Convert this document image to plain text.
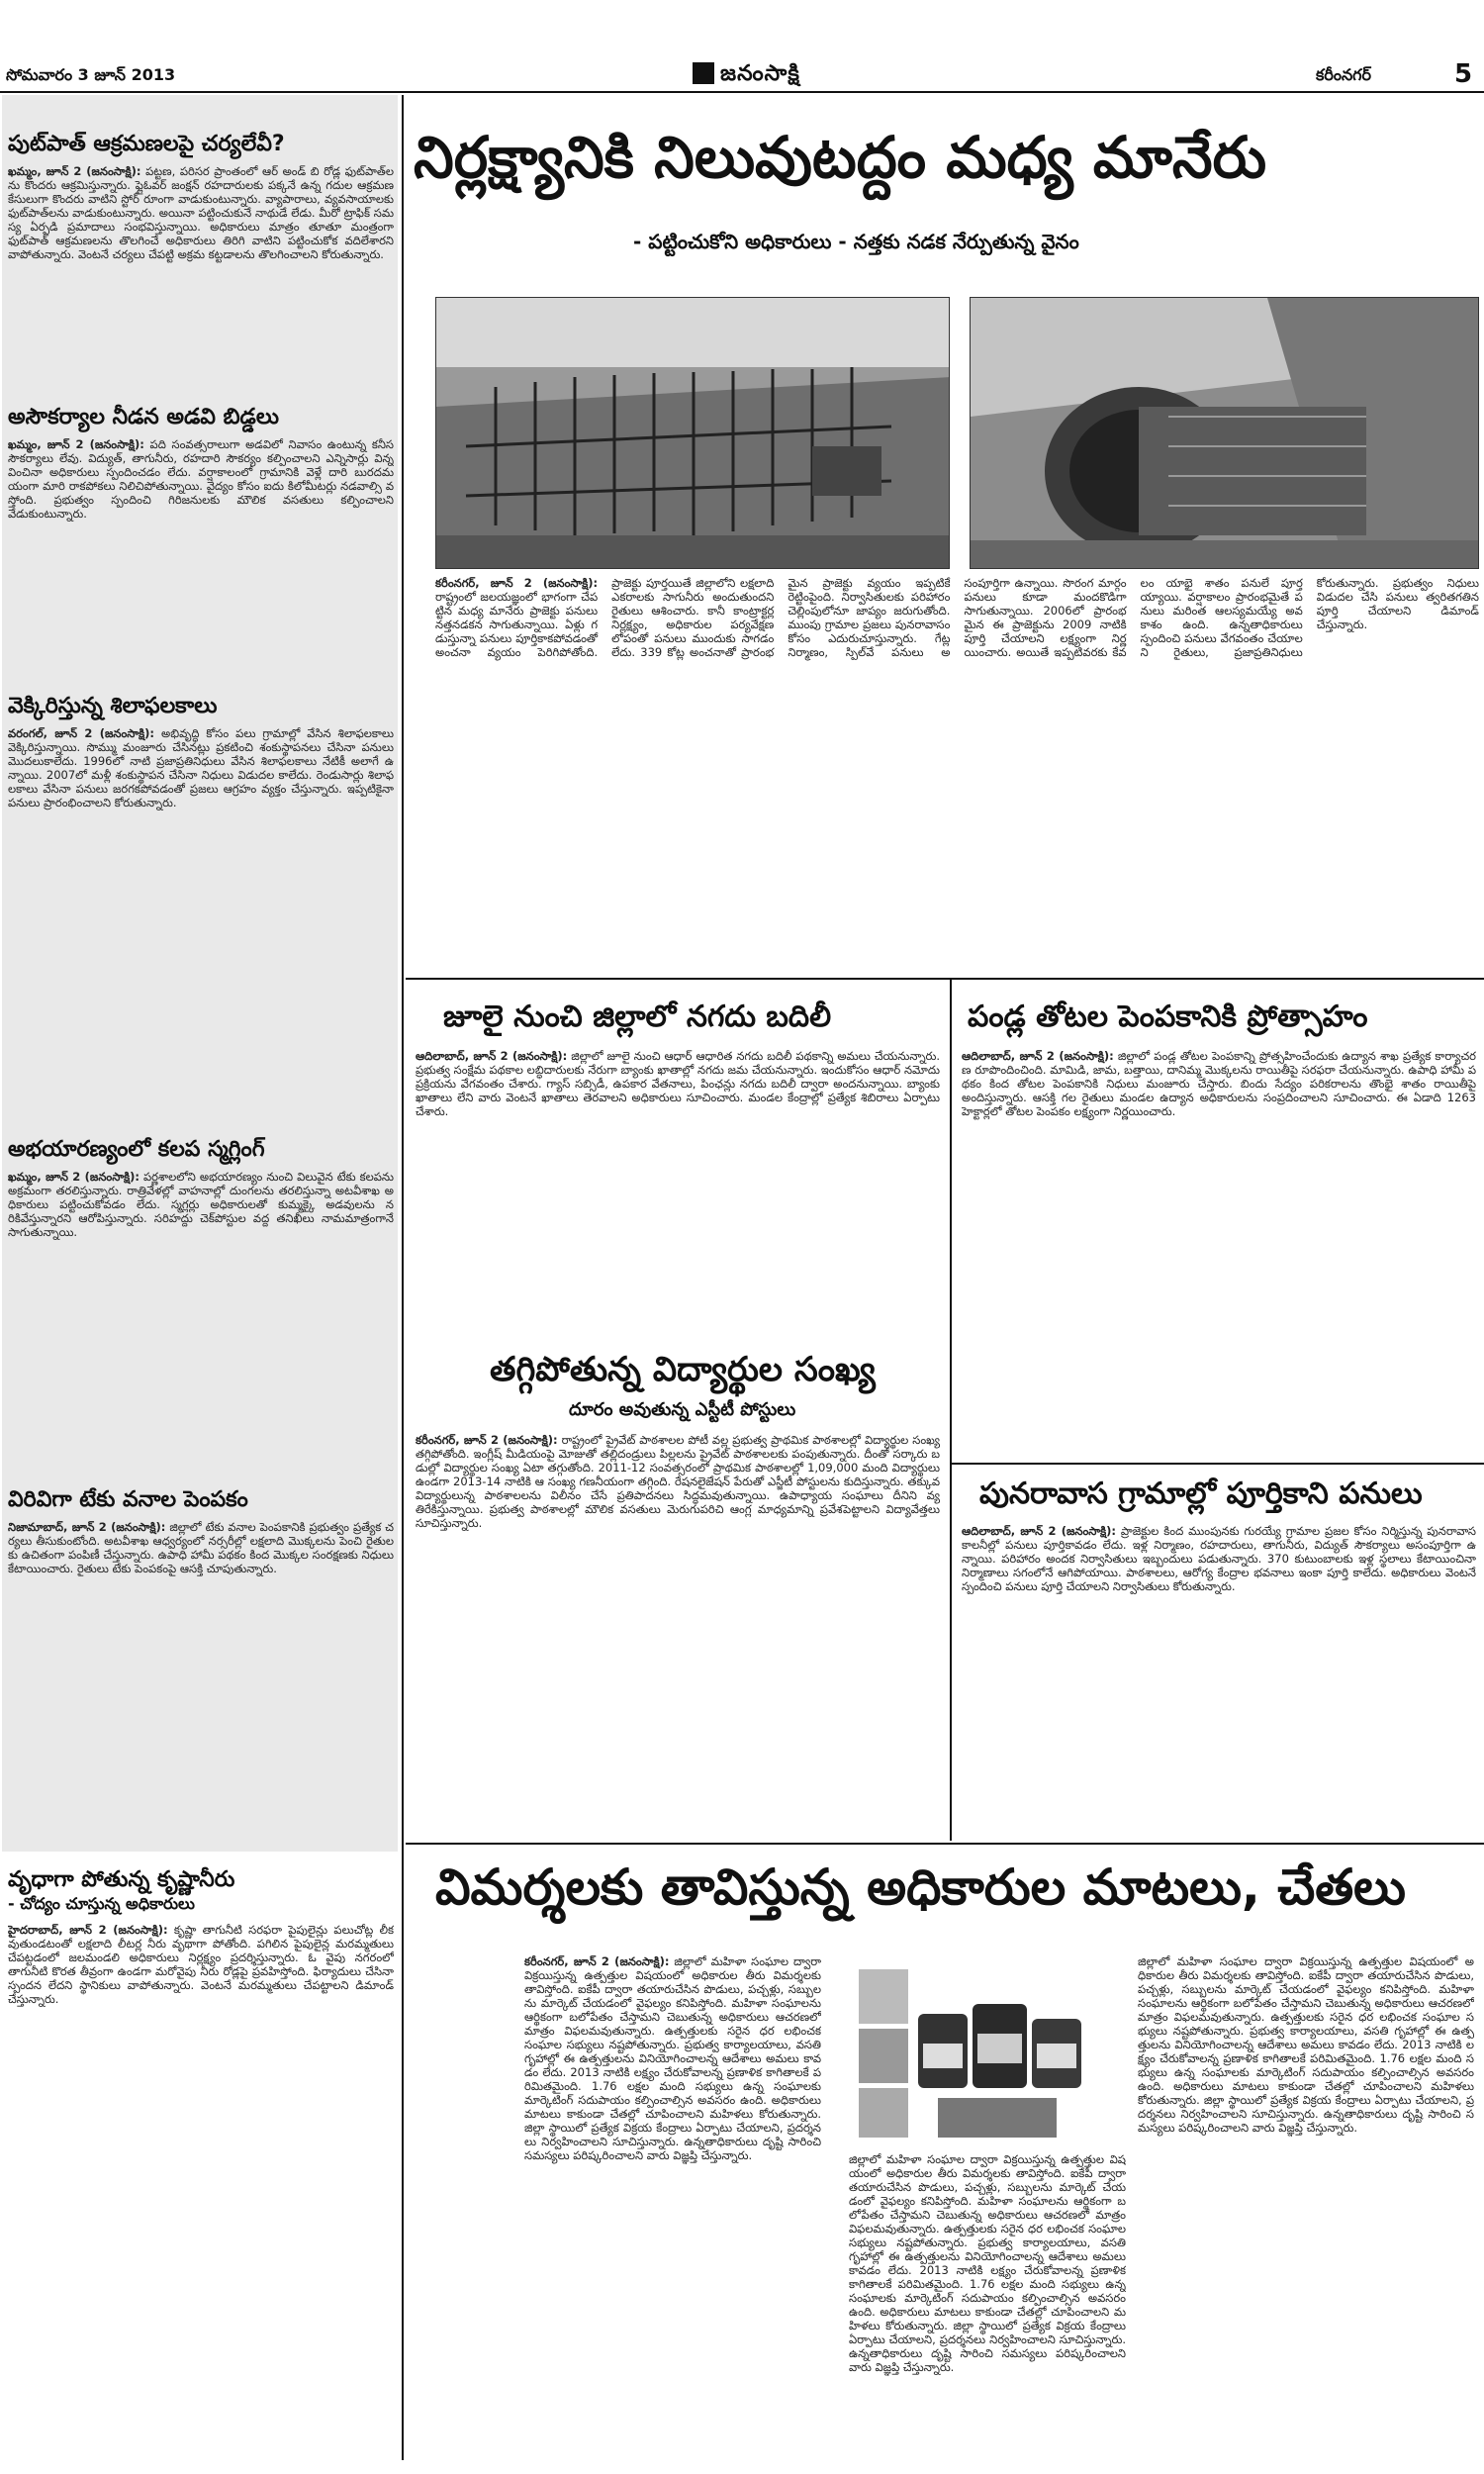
సోమవారం 3 జూన్ 2013	జనంసాక్షి	కరీంనగర్	5
పుట్‌పాత్ ఆక్రమణలపై చర్యలేవీ?
ఖమ్మం, జూన్ 2 (జనంసాక్షి): పట్టణ, పరిసర ప్రాంతంలో ఆర్ అండ్ బి రోడ్ల ఫుట్‌పాత్‌లను కొందరు ఆక్రమిస్తున్నారు. ఫ్లైఓవర్ జంక్షన్ రహదారులకు పక్కనే ఉన్న గదుల ఆక్రమణ కేసులుగా కొందరు వాటిని స్టోర్ రూంగా వాడుకుంటున్నారు. వ్యాపారాలు, వ్యవసాయాలకు ఫుట్‌పాత్‌లను వాడుకుంటున్నారు. అయినా పట్టించుకునే నాథుడే లేడు. మీరో ట్రాఫిక్ సమస్య ఏర్పడి ప్రమాదాలు సంభవిస్తున్నాయి. అధికారులు మాత్రం తూతూ మంత్రంగా ఫుట్‌పాత్ ఆక్రమణలను తొలగించే అధికారులు తిరిగి వాటిని పట్టించుకోక వదిలేశారని వాపోతున్నారు. వెంటనే చర్యలు చేపట్టి అక్రమ కట్టడాలను తొలగించాలని కోరుతున్నారు.
అసౌకర్యాల నీడన అడవి బిడ్డలు
ఖమ్మం, జూన్ 2 (జనంసాక్షి): పది సంవత్సరాలుగా అడవిలో నివాసం ఉంటున్న కనీస సౌకర్యాలు లేవు. విద్యుత్, తాగునీరు, రహదారి సౌకర్యం కల్పించాలని ఎన్నిసార్లు విన్నవించినా అధికారులు స్పందించడం లేదు. వర్షాకాలంలో గ్రామానికి వెళ్లే దారి బురదమయంగా మారి రాకపోకలు నిలిచిపోతున్నాయి. వైద్యం కోసం ఐదు కిలోమీటర్లు నడవాల్సి వస్తోంది. ప్రభుత్వం స్పందించి గిరిజనులకు మౌలిక వసతులు కల్పించాలని వేడుకుంటున్నారు.
వెక్కిరిస్తున్న శిలాఫలకాలు
వరంగల్, జూన్ 2 (జనంసాక్షి): అభివృద్ధి కోసం పలు గ్రామాల్లో వేసిన శిలాఫలకాలు వెక్కిరిస్తున్నాయి. సొమ్ము మంజూరు చేసినట్లు ప్రకటించి శంకుస్థాపనలు చేసినా పనులు మొదలుకాలేదు. 1996లో నాటి ప్రజాప్రతినిధులు వేసిన శిలాఫలకాలు నేటికీ అలాగే ఉన్నాయి. 2007లో మళ్లీ శంకుస్థాపన చేసినా నిధులు విడుదల కాలేదు. రెండుసార్లు శిలాఫలకాలు వేసినా పనులు జరగకపోవడంతో ప్రజలు ఆగ్రహం వ్యక్తం చేస్తున్నారు. ఇప్పటికైనా పనులు ప్రారంభించాలని కోరుతున్నారు.
అభయారణ్యంలో కలప స్మగ్లింగ్
ఖమ్మం, జూన్ 2 (జనంసాక్షి): పర్ణశాలలోని అభయారణ్యం నుంచి విలువైన టేకు కలపను అక్రమంగా తరలిస్తున్నారు. రాత్రివేళల్లో వాహనాల్లో దుంగలను తరలిస్తున్నా అటవీశాఖ అధికారులు పట్టించుకోవడం లేదు. స్మగ్లర్లు అధికారులతో కుమ్మక్కై అడవులను నరికివేస్తున్నారని ఆరోపిస్తున్నారు. సరిహద్దు చెక్‌పోస్టుల వద్ద తనిఖీలు నామమాత్రంగానే సాగుతున్నాయి.
విరివిగా టేకు వనాల పెంపకం
నిజామాబాద్, జూన్ 2 (జనంసాక్షి): జిల్లాలో టేకు వనాల పెంపకానికి ప్రభుత్వం ప్రత్యేక చర్యలు తీసుకుంటోంది. అటవీశాఖ ఆధ్వర్యంలో నర్సరీల్లో లక్షలాది మొక్కలను పెంచి రైతులకు ఉచితంగా పంపిణీ చేస్తున్నారు. ఉపాధి హామీ పథకం కింద మొక్కల సంరక్షణకు నిధులు కేటాయించారు. రైతులు టేకు పెంపకంపై ఆసక్తి చూపుతున్నారు.
వృధాగా పోతున్న కృష్ణానీరు
- చోద్యం చూస్తున్న అధికారులు
హైదరాబాద్, జూన్ 2 (జనంసాక్షి): కృష్ణా తాగునీటి సరఫరా పైపులైన్లు పలుచోట్ల లీకవుతుండటంతో లక్షలాది లీటర్ల నీరు వృథాగా పోతోంది. పగిలిన పైపులైన్ల మరమ్మతులు చేపట్టడంలో జలమండలి అధికారులు నిర్లక్ష్యం ప్రదర్శిస్తున్నారు. ఓ వైపు నగరంలో తాగునీటి కొరత తీవ్రంగా ఉండగా మరోవైపు నీరు రోడ్లపై ప్రవహిస్తోంది. ఫిర్యాదులు చేసినా స్పందన లేదని స్థానికులు వాపోతున్నారు. వెంటనే మరమ్మతులు చేపట్టాలని డిమాండ్ చేస్తున్నారు.
నిర్లక్ష్యానికి నిలువుటద్దం మధ్య మానేరు
- పట్టించుకోని అధికారులు - నత్తకు నడక నేర్పుతున్న వైనం
కరీంనగర్, జూన్ 2 (జనంసాక్షి): రాష్ట్రంలో జలయజ్ఞంలో భాగంగా చేపట్టిన మధ్య మానేరు ప్రాజెక్టు పనులు నత్తనడకన సాగుతున్నాయి. ఏళ్లు గడుస్తున్నా పనులు పూర్తికాకపోవడంతో అంచనా వ్యయం పెరిగిపోతోంది. ప్రాజెక్టు పూర్తయితే జిల్లాలోని లక్షలాది ఎకరాలకు సాగునీరు అందుతుందని రైతులు ఆశించారు. కానీ కాంట్రాక్టర్ల నిర్లక్ష్యం, అధికారుల పర్యవేక్షణ లోపంతో పనులు ముందుకు సాగడం లేదు. 339 కోట్ల అంచనాతో ప్రారంభమైన ప్రాజెక్టు వ్యయం ఇప్పటికే రెట్టింపైంది. నిర్వాసితులకు పరిహారం చెల్లింపులోనూ జాప్యం జరుగుతోంది. ముంపు గ్రామాల ప్రజలు పునరావాసం కోసం ఎదురుచూస్తున్నారు. గేట్ల నిర్మాణం, స్పిల్‌వే పనులు అసంపూర్తిగా ఉన్నాయి. సొరంగ మార్గం పనులు కూడా మందకొడిగా సాగుతున్నాయి. 2006లో ప్రారంభమైన ఈ ప్రాజెక్టును 2009 నాటికి పూర్తి చేయాలని లక్ష్యంగా నిర్ణయించారు. అయితే ఇప్పటివరకు కేవలం యాభై శాతం పనులే పూర్తయ్యాయి. వర్షాకాలం ప్రారంభమైతే పనులు మరింత ఆలస్యమయ్యే అవకాశం ఉంది. ఉన్నతాధికారులు స్పందించి పనులు వేగవంతం చేయాలని రైతులు, ప్రజాప్రతినిధులు కోరుతున్నారు. ప్రభుత్వం నిధులు విడుదల చేసి పనులు త్వరితగతిన పూర్తి చేయాలని డిమాండ్ చేస్తున్నారు.
జూలై నుంచి జిల్లాలో నగదు బదిలీ
ఆదిలాబాద్, జూన్ 2 (జనంసాక్షి): జిల్లాలో జూలై నుంచి ఆధార్ ఆధారిత నగదు బదిలీ పథకాన్ని అమలు చేయనున్నారు. ప్రభుత్వ సంక్షేమ పథకాల లబ్ధిదారులకు నేరుగా బ్యాంకు ఖాతాల్లో నగదు జమ చేయనున్నారు. ఇందుకోసం ఆధార్ నమోదు ప్రక్రియను వేగవంతం చేశారు. గ్యాస్ సబ్సిడీ, ఉపకార వేతనాలు, పింఛన్లు నగదు బదిలీ ద్వారా అందనున్నాయి. బ్యాంకు ఖాతాలు లేని వారు వెంటనే ఖాతాలు తెరవాలని అధికారులు సూచించారు. మండల కేంద్రాల్లో ప్రత్యేక శిబిరాలు ఏర్పాటు చేశారు.
తగ్గిపోతున్న విద్యార్థుల సంఖ్య
దూరం అవుతున్న ఎస్టీటీ పోస్టులు
కరీంనగర్, జూన్ 2 (జనంసాక్షి): రాష్ట్రంలో ప్రైవేట్ పాఠశాలల పోటీ వల్ల ప్రభుత్వ ప్రాథమిక పాఠశాలల్లో విద్యార్థుల సంఖ్య తగ్గిపోతోంది. ఇంగ్లీష్ మీడియంపై మోజుతో తల్లిదండ్రులు పిల్లలను ప్రైవేట్ పాఠశాలలకు పంపుతున్నారు. దీంతో సర్కారు బడుల్లో విద్యార్థుల సంఖ్య ఏటా తగ్గుతోంది. 2011-12 సంవత్సరంలో ప్రాథమిక పాఠశాలల్లో 1,09,000 మంది విద్యార్థులు ఉండగా 2013-14 నాటికి ఆ సంఖ్య గణనీయంగా తగ్గింది. రేషనలైజేషన్ పేరుతో ఎస్జీటీ పోస్టులను కుదిస్తున్నారు. తక్కువ విద్యార్థులున్న పాఠశాలలను విలీనం చేసే ప్రతిపాదనలు సిద్ధమవుతున్నాయి. ఉపాధ్యాయ సంఘాలు దీనిని వ్యతిరేకిస్తున్నాయి. ప్రభుత్వ పాఠశాలల్లో మౌలిక వసతులు మెరుగుపరిచి ఆంగ్ల మాధ్యమాన్ని ప్రవేశపెట్టాలని విద్యావేత్తలు సూచిస్తున్నారు.
పండ్ల తోటల పెంపకానికి ప్రోత్సాహం
ఆదిలాబాద్, జూన్ 2 (జనంసాక్షి): జిల్లాలో పండ్ల తోటల పెంపకాన్ని ప్రోత్సహించేందుకు ఉద్యాన శాఖ ప్రత్యేక కార్యాచరణ రూపొందించింది. మామిడి, జామ, బత్తాయి, దానిమ్మ మొక్కలను రాయితీపై సరఫరా చేయనున్నారు. ఉపాధి హామీ పథకం కింద తోటల పెంపకానికి నిధులు మంజూరు చేస్తారు. బిందు సేద్యం పరికరాలను తొంభై శాతం రాయితీపై అందిస్తున్నారు. ఆసక్తి గల రైతులు మండల ఉద్యాన అధికారులను సంప్రదించాలని సూచించారు. ఈ ఏడాది 1263 హెక్టార్లలో తోటల పెంపకం లక్ష్యంగా నిర్ణయించారు.
పునరావాస గ్రామాల్లో పూర్తికాని పనులు
ఆదిలాబాద్, జూన్ 2 (జనంసాక్షి): ప్రాజెక్టుల కింద ముంపునకు గురయ్యే గ్రామాల ప్రజల కోసం నిర్మిస్తున్న పునరావాస కాలనీల్లో పనులు పూర్తికావడం లేదు. ఇళ్ల నిర్మాణం, రహదారులు, తాగునీరు, విద్యుత్ సౌకర్యాలు అసంపూర్తిగా ఉన్నాయి. పరిహారం అందక నిర్వాసితులు ఇబ్బందులు పడుతున్నారు. 370 కుటుంబాలకు ఇళ్ల స్థలాలు కేటాయించినా నిర్మాణాలు సగంలోనే ఆగిపోయాయి. పాఠశాలలు, ఆరోగ్య కేంద్రాల భవనాలు ఇంకా పూర్తి కాలేదు. అధికారులు వెంటనే స్పందించి పనులు పూర్తి చేయాలని నిర్వాసితులు కోరుతున్నారు.
విమర్శలకు తావిస్తున్న అధికారుల మాటలు, చేతలు
కరీంనగర్, జూన్ 2 (జనంసాక్షి): జిల్లాలో మహిళా సంఘాల ద్వారా విక్రయిస్తున్న ఉత్పత్తుల విషయంలో అధికారుల తీరు విమర్శలకు తావిస్తోంది. ఐకేపీ ద్వారా తయారుచేసిన పొడులు, పచ్చళ్లు, సబ్బులను మార్కెట్ చేయడంలో వైఫల్యం కనిపిస్తోంది. మహిళా సంఘాలను ఆర్థికంగా బలోపేతం చేస్తామని చెబుతున్న అధికారులు ఆచరణలో మాత్రం విఫలమవుతున్నారు. ఉత్పత్తులకు సరైన ధర లభించక సంఘాల సభ్యులు నష్టపోతున్నారు. ప్రభుత్వ కార్యాలయాలు, వసతి గృహాల్లో ఈ ఉత్పత్తులను వినియోగించాలన్న ఆదేశాలు అమలు కావడం లేదు. 2013 నాటికి లక్ష్యం చేరుకోవాలన్న ప్రణాళిక కాగితాలకే పరిమితమైంది. 1.76 లక్షల మంది సభ్యులు ఉన్న సంఘాలకు మార్కెటింగ్ సదుపాయం కల్పించాల్సిన అవసరం ఉంది. అధికారులు మాటలు కాకుండా చేతల్లో చూపించాలని మహిళలు కోరుతున్నారు. జిల్లా స్థాయిలో ప్రత్యేక విక్రయ కేంద్రాలు ఏర్పాటు చేయాలని, ప్రదర్శనలు నిర్వహించాలని సూచిస్తున్నారు. ఉన్నతాధికారులు దృష్టి సారించి సమస్యలు పరిష్కరించాలని వారు విజ్ఞప్తి చేస్తున్నారు.	జిల్లాలో మహిళా సంఘాల ద్వారా విక్రయిస్తున్న ఉత్పత్తుల విషయంలో అధికారుల తీరు విమర్శలకు తావిస్తోంది. ఐకేపీ ద్వారా తయారుచేసిన పొడులు, పచ్చళ్లు, సబ్బులను మార్కెట్ చేయడంలో వైఫల్యం కనిపిస్తోంది. మహిళా సంఘాలను ఆర్థికంగా బలోపేతం చేస్తామని చెబుతున్న అధికారులు ఆచరణలో మాత్రం విఫలమవుతున్నారు. ఉత్పత్తులకు సరైన ధర లభించక సంఘాల సభ్యులు నష్టపోతున్నారు. ప్రభుత్వ కార్యాలయాలు, వసతి గృహాల్లో ఈ ఉత్పత్తులను వినియోగించాలన్న ఆదేశాలు అమలు కావడం లేదు. 2013 నాటికి లక్ష్యం చేరుకోవాలన్న ప్రణాళిక కాగితాలకే పరిమితమైంది. 1.76 లక్షల మంది సభ్యులు ఉన్న సంఘాలకు మార్కెటింగ్ సదుపాయం కల్పించాల్సిన అవసరం ఉంది. అధికారులు మాటలు కాకుండా చేతల్లో చూపించాలని మహిళలు కోరుతున్నారు. జిల్లా స్థాయిలో ప్రత్యేక విక్రయ కేంద్రాలు ఏర్పాటు చేయాలని, ప్రదర్శనలు నిర్వహించాలని సూచిస్తున్నారు. ఉన్నతాధికారులు దృష్టి సారించి సమస్యలు పరిష్కరించాలని వారు విజ్ఞప్తి చేస్తున్నారు.
జిల్లాలో మహిళా సంఘాల ద్వారా విక్రయిస్తున్న ఉత్పత్తుల విషయంలో అధికారుల తీరు విమర్శలకు తావిస్తోంది. ఐకేపీ ద్వారా తయారుచేసిన పొడులు, పచ్చళ్లు, సబ్బులను మార్కెట్ చేయడంలో వైఫల్యం కనిపిస్తోంది. మహిళా సంఘాలను ఆర్థికంగా బలోపేతం చేస్తామని చెబుతున్న అధికారులు ఆచరణలో మాత్రం విఫలమవుతున్నారు. ఉత్పత్తులకు సరైన ధర లభించక సంఘాల సభ్యులు నష్టపోతున్నారు. ప్రభుత్వ కార్యాలయాలు, వసతి గృహాల్లో ఈ ఉత్పత్తులను వినియోగించాలన్న ఆదేశాలు అమలు కావడం లేదు. 2013 నాటికి లక్ష్యం చేరుకోవాలన్న ప్రణాళిక కాగితాలకే పరిమితమైంది. 1.76 లక్షల మంది సభ్యులు ఉన్న సంఘాలకు మార్కెటింగ్ సదుపాయం కల్పించాల్సిన అవసరం ఉంది. అధికారులు మాటలు కాకుండా చేతల్లో చూపించాలని మహిళలు కోరుతున్నారు. జిల్లా స్థాయిలో ప్రత్యేక విక్రయ కేంద్రాలు ఏర్పాటు చేయాలని, ప్రదర్శనలు నిర్వహించాలని సూచిస్తున్నారు. ఉన్నతాధికారులు దృష్టి సారించి సమస్యలు పరిష్కరించాలని వారు విజ్ఞప్తి చేస్తున్నారు.
